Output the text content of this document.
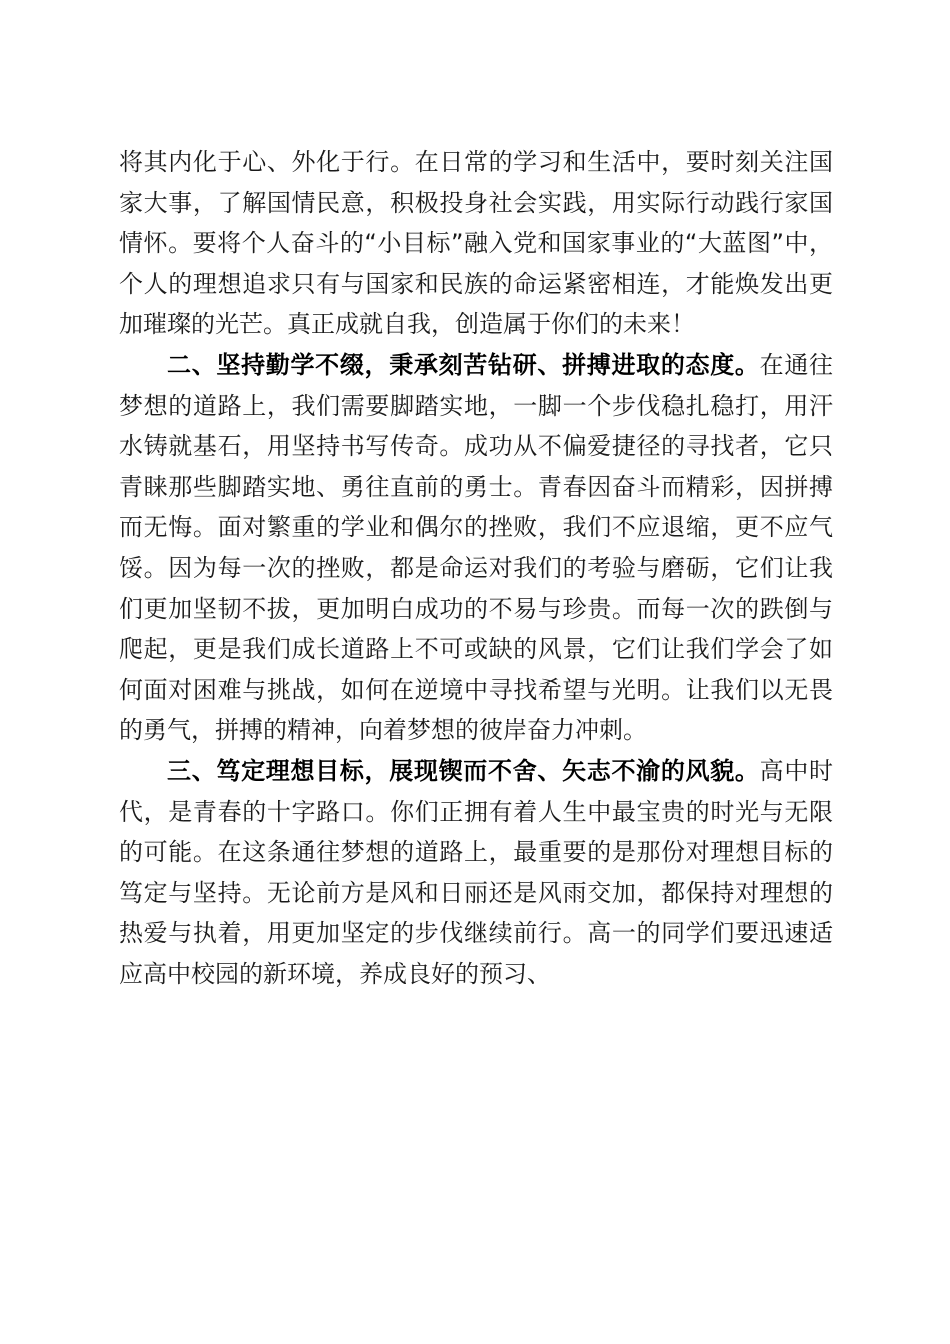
将其内化于心、外化于行。在日常的学习和生活中，要时刻关注国家大事，了解国情民意，积极投身社会实践，用实际行动践行家国情怀。要将个人奋斗的“小目标”融入党和国家事业的“大蓝图”中，个人的理想追求只有与国家和民族的命运紧密相连，才能焕发出更加璀璨的光芒。真正成就自我，创造属于你们的未来！

二、坚持勤学不缀，秉承刻苦钻研、拼搏进取的态度。在通往梦想的道路上，我们需要脚踏实地，一脚一个步伐稳扎稳打，用汗水铸就基石，用坚持书写传奇。成功从不偏爱捷径的寻找者，它只青睐那些脚踏实地、勇往直前的勇士。青春因奋斗而精彩，因拼搏而无悔。面对繁重的学业和偶尔的挫败，我们不应退缩，更不应气馁。因为每一次的挫败，都是命运对我们的考验与磨砺，它们让我们更加坚韧不拔，更加明白成功的不易与珍贵。而每一次的跌倒与爬起，更是我们成长道路上不可或缺的风景，它们让我们学会了如何面对困难与挑战，如何在逆境中寻找希望与光明。让我们以无畏的勇气，拼搏的精神，向着梦想的彼岸奋力冲刺。

三、笃定理想目标，展现锲而不舍、矢志不渝的风貌。高中时代，是青春的十字路口。你们正拥有着人生中最宝贵的时光与无限的可能。在这条通往梦想的道路上，最重要的是那份对理想目标的笃定与坚持。无论前方是风和日丽还是风雨交加，都保持对理想的热爱与执着，用更加坚定的步伐继续前行。高一的同学们要迅速适应高中校园的新环境，养成良好的预习、
